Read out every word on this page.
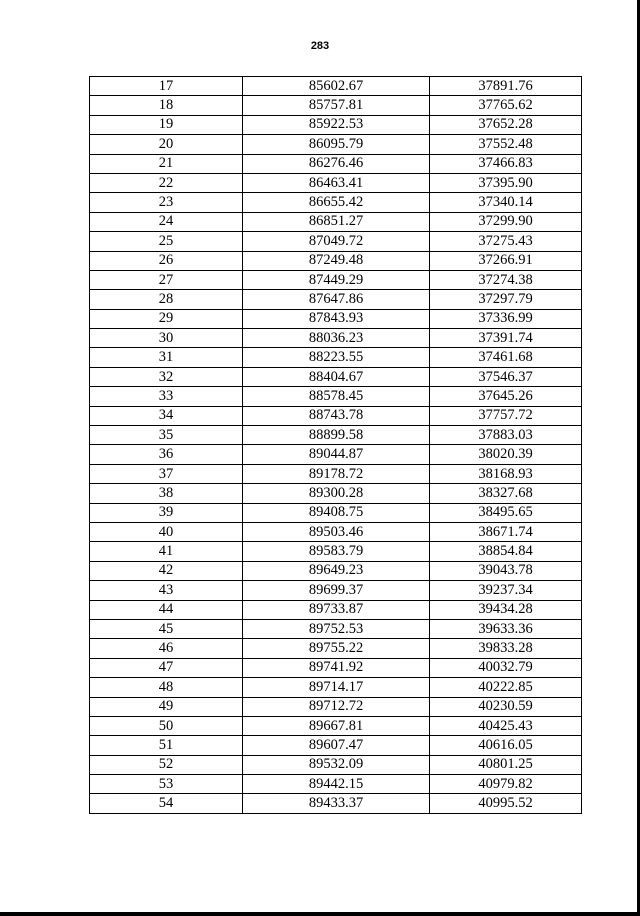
283
17	85602.67	37891.76
18	85757.81	37765.62
19	85922.53	37652.28
20	86095.79	37552.48
21	86276.46	37466.83
22	86463.41	37395.90
23	86655.42	37340.14
24	86851.27	37299.90
25	87049.72	37275.43
26	87249.48	37266.91
27	87449.29	37274.38
28	87647.86	37297.79
29	87843.93	37336.99
30	88036.23	37391.74
31	88223.55	37461.68
32	88404.67	37546.37
33	88578.45	37645.26
34	88743.78	37757.72
35	88899.58	37883.03
36	89044.87	38020.39
37	89178.72	38168.93
38	89300.28	38327.68
39	89408.75	38495.65
40	89503.46	38671.74
41	89583.79	38854.84
42	89649.23	39043.78
43	89699.37	39237.34
44	89733.87	39434.28
45	89752.53	39633.36
46	89755.22	39833.28
47	89741.92	40032.79
48	89714.17	40222.85
49	89712.72	40230.59
50	89667.81	40425.43
51	89607.47	40616.05
52	89532.09	40801.25
53	89442.15	40979.82
54	89433.37	40995.52
